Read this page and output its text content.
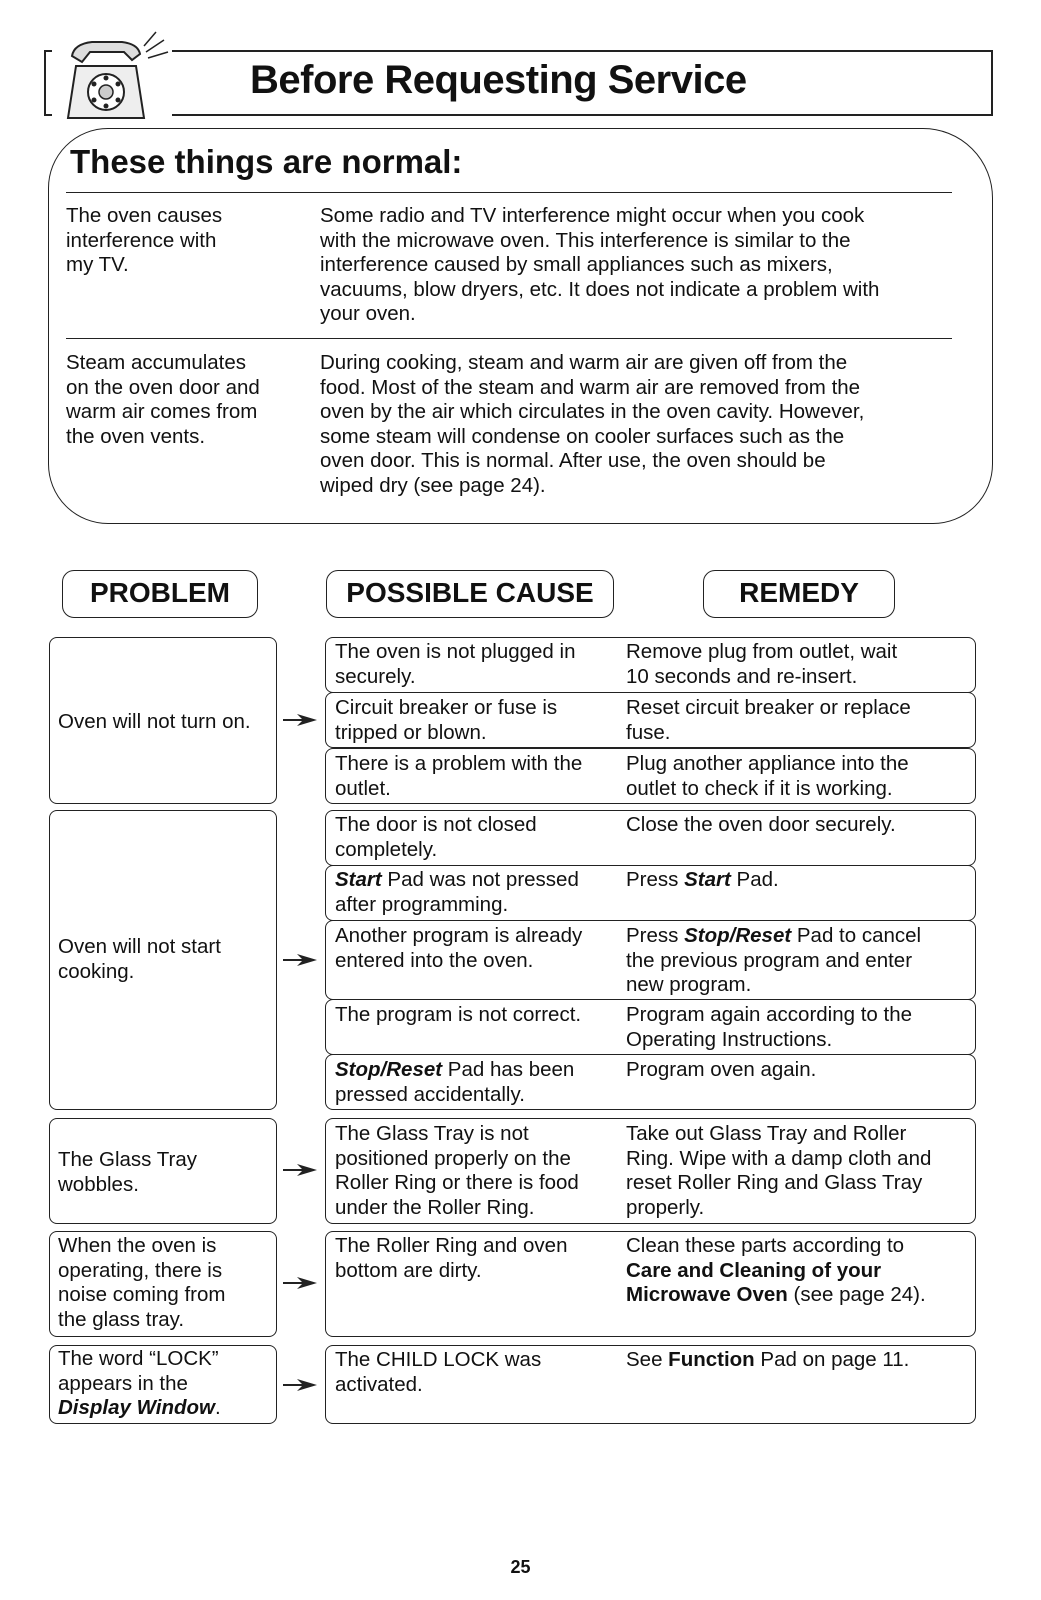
Before Requesting Service
These things are normal:
The oven causes
interference with
my TV.
Some radio and TV interference might occur when you cook
with the microwave oven. This interference is similar to the
interference caused by small appliances such as mixers,
vacuums, blow dryers, etc. It does not indicate a problem with
your oven.
Steam accumulates
on the oven door and
warm air comes from
the oven vents.
During cooking, steam and warm air are given off from the
food. Most of the steam and warm air are removed from the
oven by the air which circulates in the oven cavity. However,
some steam will condense on cooler surfaces such as the
oven door. This is normal. After use, the oven should be
wiped dry (see page 24).
PROBLEM	POSSIBLE CAUSE	REMEDY
Oven will not turn on.
The oven is not plugged in
securely.
Remove plug from outlet, wait
10 seconds and re-insert.
Circuit breaker or fuse is
tripped or blown.
Reset circuit breaker or replace
fuse.
There is a problem with the
outlet.
Plug another appliance into the
outlet to check if it is working.
Oven will not start
cooking.
The door is not closed
completely.
Close the oven door securely.
Start Pad was not pressed
after programming.
Press Start Pad.
Another program is already
entered into the oven.
Press Stop/Reset Pad to cancel
the previous program and enter
new program.
The program is not correct. Program again according to the
Operating Instructions.
Stop/Reset Pad has been
pressed accidentally.
Program oven again.
The Glass Tray
wobbles.
The Glass Tray is not
positioned properly on the
Roller Ring or there is food
under the Roller Ring.
Take out Glass Tray and Roller
Ring. Wipe with a damp cloth and
reset Roller Ring and Glass Tray
properly.
When the oven is
operating, there is
noise coming from
the glass tray.
The Roller Ring and oven
bottom are dirty.
Clean these parts according to
Care and Cleaning of your
Microwave Oven (see page 24).
The word “LOCK”
appears in the
Display Window.
The CHILD LOCK was
activated.
See Function Pad on page 11.
25
